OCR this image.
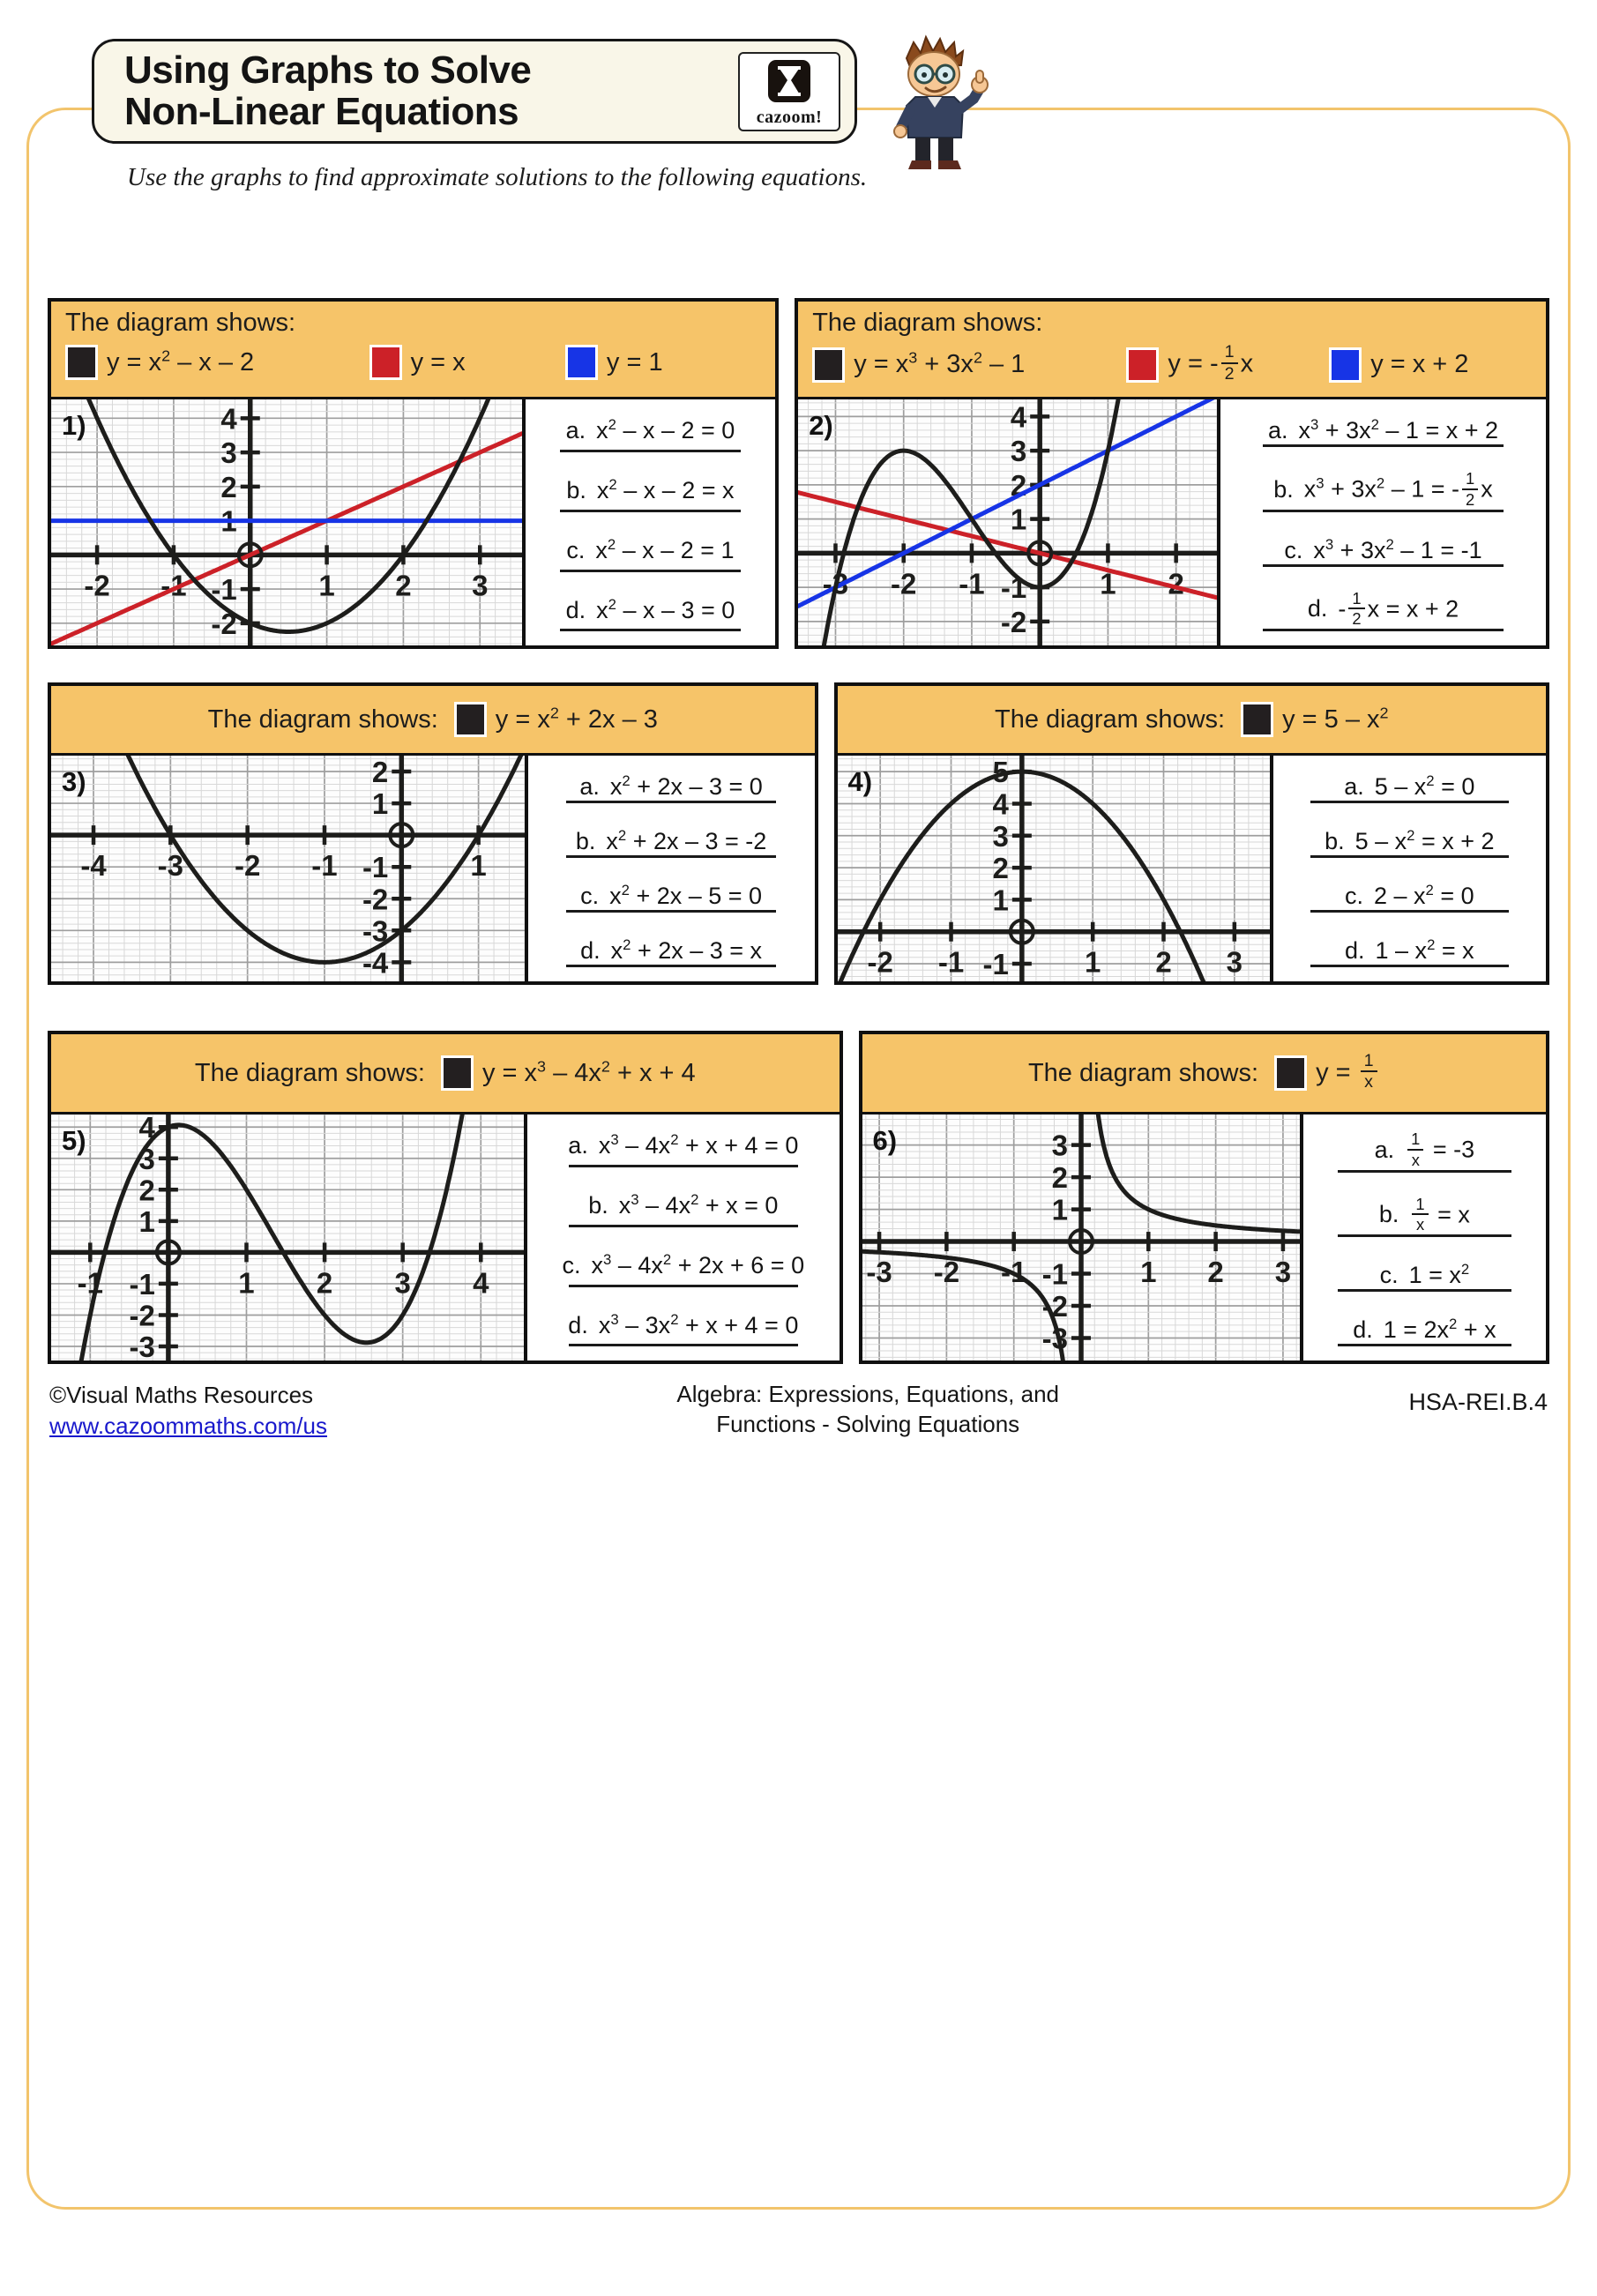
Using Graphs to Solve
Non-Linear Equations	cazoom!
Use the graphs to find approximate solutions to the following equations.
The diagram shows:
$y = x^2 - x - 2$	y = x	y = 1
1)
-2 -1	1 2 3
-2
-1
1
2
3
4	a. $x^2 - x - 2 = 0$
b. $x^2 - x - 2 = x$
c. $x^2 - x - 2 = 1$
d. $x^2 - x - 3 = 0$
The diagram shows:
$y = x^3 + 3x^2 - 1$	y = - $\frac{1}{2}$ x	y = x + 2
2)
-3 -2 -1	1 2
-2
-1
1
2
3
4	a. $x^3 + 3x^2 - 1 = x + 2$
b. $x^3 + 3x^2 - 1$ = - $\frac{1}{2}$ x
c. $x^3 + 3x^2 - 1 = -1$
d. - $\frac{1}{2}$ x = x + 2
The diagram shows: $y = x^2 + 2x - 3$
3)
-4 -3 -2 -1	1
-4
-3
-2
-1
1
2	a. $x^2 + 2x - 3 = 0$
b. $x^2 + 2x - 3 = -2$
c. $x^2 + 2x - 5 = 0$
d. $x^2 + 2x - 3 = x$
The diagram shows: $y = 5 - x^2$
4)
-2 -1	1 2 3
-1
1
2
3
4
5	a. $5 - x^2 = 0$
b. $5 - x^2 = x + 2$
c. $2 - x^2 = 0$
d. $1 - x^2 = x$
The diagram shows: $y = x^3 - 4x^2 + x + 4$
5)
-1	1 2 3 4
-3
-2
-1
1
2
3
4
a. $x^3 - 4x^2 + x + 4 = 0$
b. $x^3 - 4x^2 + x = 0$
c. $x^3 - 4x^2 + 2x + 6 = 0$
d. $x^3 - 3x^2 + x + 4 = 0$
The diagram shows: $y = \frac{1}{x}$
6)
-3 -2 -1	1 2 3
-3
-2
-1
1
2
3	a. $\frac{1}{x} = -3$
b. $\frac{1}{x} = x$
c. $1 = x^2$
d. $1 = 2x^2 + x$
©Visual Maths Resources
www.cazoommaths.com/us
Algebra: Expressions, Equations, and
Functions - Solving Equations
HSA-REI.B.4
